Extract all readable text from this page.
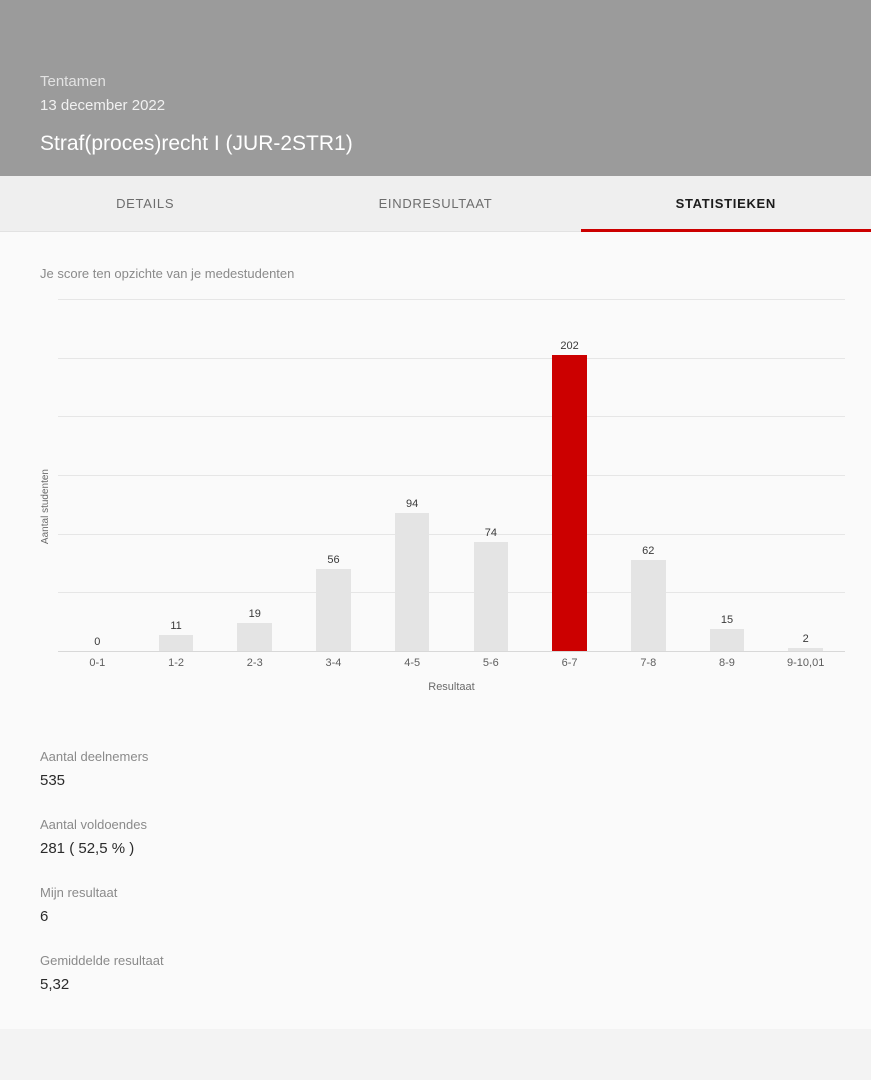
Tentamen
13 december 2022
Straf(proces)recht I (JUR-2STR1)
DETAILS	EINDRESULTAAT	STATISTIEKEN
Je score ten opzichte van je medestudenten
Aantal studenten
0
11
19
56
94
74
202
62
15
2
0-1	1-2	2-3	3-4	4-5	5-6	6-7	7-8	8-9	9-10,01
Resultaat
Aantal deelnemers
535
Aantal voldoendes
281 ( 52,5 % )
Mijn resultaat
6
Gemiddelde resultaat
5,32
